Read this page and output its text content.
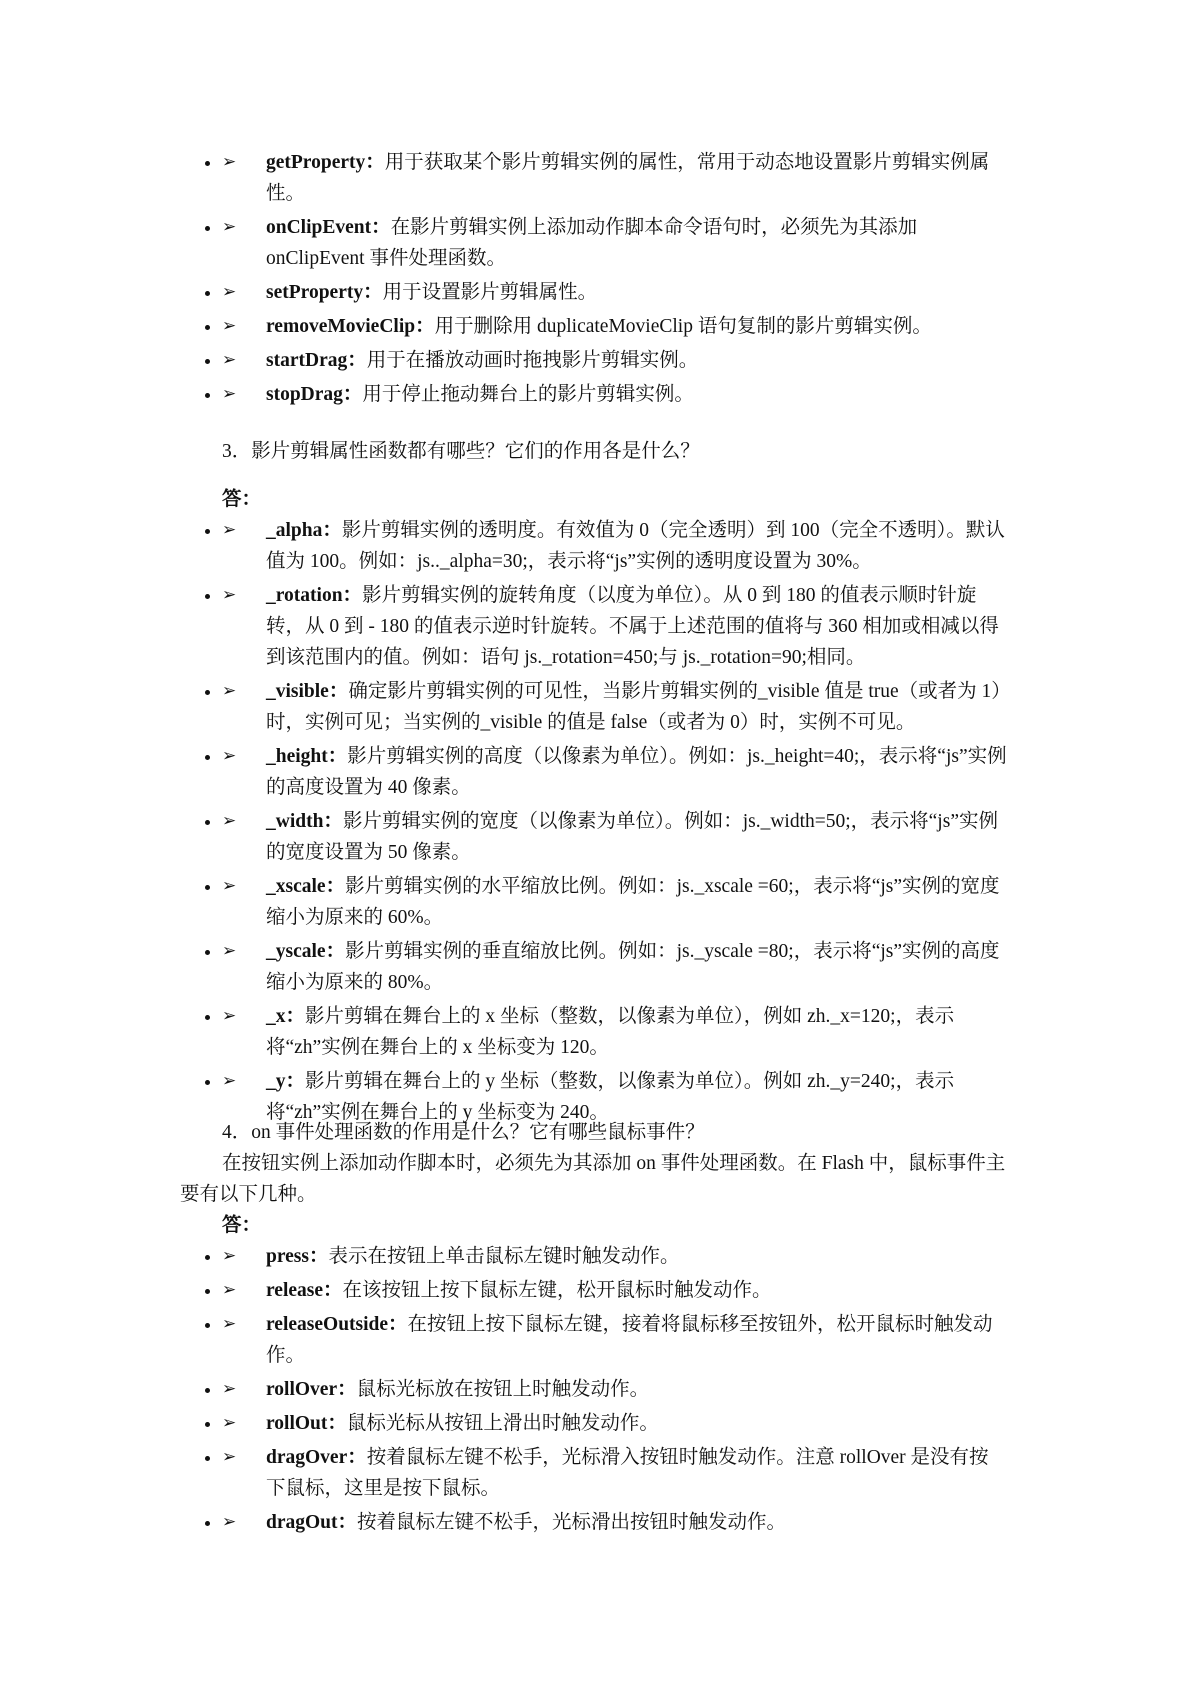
• ➢	getProperty：用于获取某个影片剪辑实例的属性，常用于动态地设置影片剪辑实例属性。
• ➢	onClipEvent：在影片剪辑实例上添加动作脚本命令语句时，必须先为其添加 onClipEvent 事件处理函数。
• ➢	setProperty：用于设置影片剪辑属性。
• ➢	removeMovieClip：用于删除用 duplicateMovieClip 语句复制的影片剪辑实例。
• ➢	startDrag：用于在播放动画时拖拽影片剪辑实例。
• ➢	stopDrag：用于停止拖动舞台上的影片剪辑实例。

3．影片剪辑属性函数都有哪些？它们的作用各是什么？

答：

• ➢	_alpha：影片剪辑实例的透明度。有效值为 0（完全透明）到 100（完全不透明）。默认值为 100。例如：js.._alpha=30;，表示将“js”实例的透明度设置为 30%。
• ➢	_rotation：影片剪辑实例的旋转角度（以度为单位）。从 0 到 180 的值表示顺时针旋转，从 0 到 ‑ 180 的值表示逆时针旋转。不属于上述范围的值将与 360 相加或相减以得到该范围内的值。例如：语句 js._rotation=450;与 js._rotation=90;相同。
• ➢	_visible：确定影片剪辑实例的可见性，当影片剪辑实例的_visible 值是 true（或者为 1）时，实例可见；当实例的_visible 的值是 false（或者为 0）时，实例不可见。
• ➢	_height：影片剪辑实例的高度（以像素为单位）。例如：js._height=40;，表示将“js”实例的高度设置为 40 像素。
• ➢	_width：影片剪辑实例的宽度（以像素为单位）。例如：js._width=50;，表示将“js”实例的宽度设置为 50 像素。
• ➢	_xscale：影片剪辑实例的水平缩放比例。例如：js._xscale =60;，表示将“js”实例的宽度缩小为原来的 60%。
• ➢	_yscale：影片剪辑实例的垂直缩放比例。例如：js._yscale =80;，表示将“js”实例的高度缩小为原来的 80%。
• ➢	_x：影片剪辑在舞台上的 x 坐标（整数，以像素为单位），例如 zh._x=120;，表示将“zh”实例在舞台上的 x 坐标变为 120。
• ➢	_y：影片剪辑在舞台上的 y 坐标（整数，以像素为单位）。例如 zh._y=240;，表示将“zh”实例在舞台上的 y 坐标变为 240。

4．on 事件处理函数的作用是什么？它有哪些鼠标事件？

在按钮实例上添加动作脚本时，必须先为其添加 on 事件处理函数。在 Flash 中，鼠标事件主要有以下几种。

答：

• ➢	press：表示在按钮上单击鼠标左键时触发动作。
• ➢	release：在该按钮上按下鼠标左键，松开鼠标时触发动作。
• ➢	releaseOutside：在按钮上按下鼠标左键，接着将鼠标移至按钮外，松开鼠标时触发动作。
• ➢	rollOver：鼠标光标放在按钮上时触发动作。
• ➢	rollOut：鼠标光标从按钮上滑出时触发动作。
• ➢	dragOver：按着鼠标左键不松手，光标滑入按钮时触发动作。注意 rollOver 是没有按下鼠标，这里是按下鼠标。
• ➢	dragOut：按着鼠标左键不松手，光标滑出按钮时触发动作。
